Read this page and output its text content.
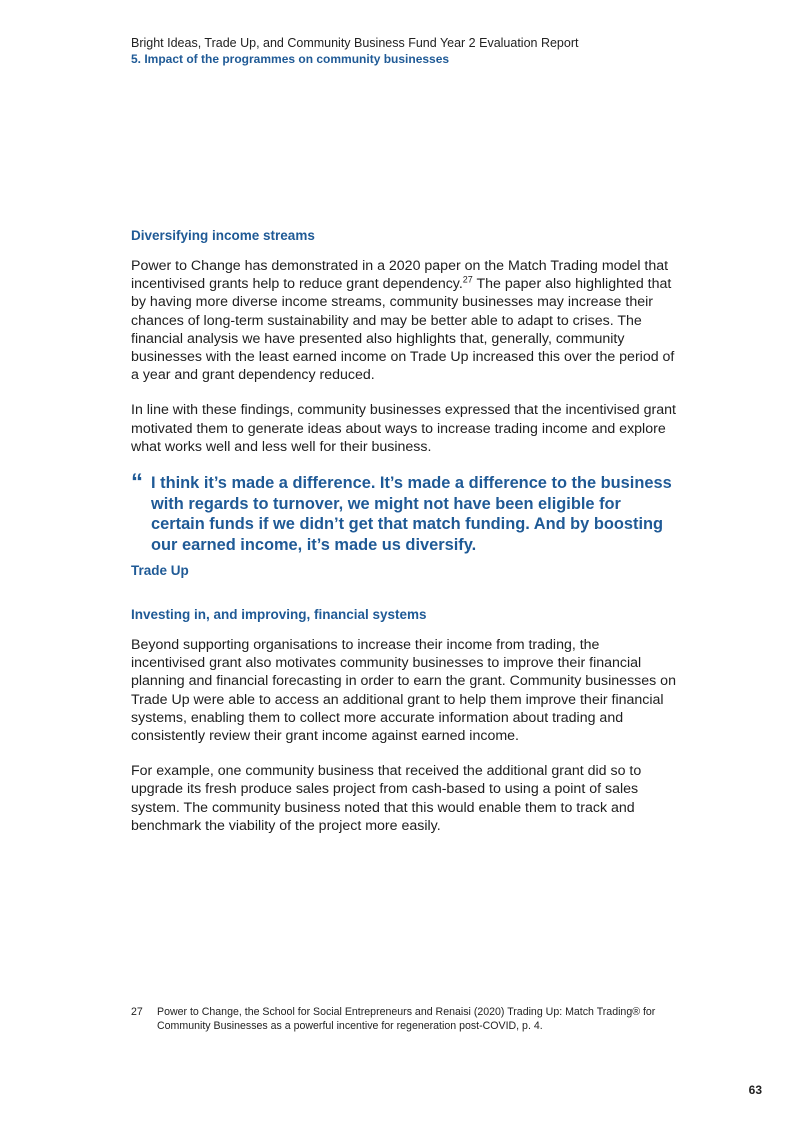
Bright Ideas, Trade Up, and Community Business Fund Year 2 Evaluation Report

5. Impact of the programmes on community businesses

Diversifying income streams

Power to Change has demonstrated in a 2020 paper on the Match Trading model that incentivised grants help to reduce grant dependency.$^{27}$ The paper also highlighted that by having more diverse income streams, community businesses may increase their chances of long-term sustainability and may be better able to adapt to crises. The financial analysis we have presented also highlights that, generally, community businesses with the least earned income on Trade Up increased this over the period of a year and grant dependency reduced.

In line with these findings, community businesses expressed that the incentivised grant motivated them to generate ideas about ways to increase trading income and explore what works well and less well for their business.

“ I think it’s made a difference. It’s made a difference to the business with regards to turnover, we might not have been eligible for certain funds if we didn’t get that match funding. And by boosting our earned income, it’s made us diversify.

Trade Up

Investing in, and improving, financial systems

Beyond supporting organisations to increase their income from trading, the incentivised grant also motivates community businesses to improve their financial planning and financial forecasting in order to earn the grant. Community businesses on Trade Up were able to access an additional grant to help them improve their financial systems, enabling them to collect more accurate information about trading and consistently review their grant income against earned income.

For example, one community business that received the additional grant did so to upgrade its fresh produce sales project from cash-based to using a point of sales system. The community business noted that this would enable them to track and benchmark the viability of the project more easily.

27 Power to Change, the School for Social Entrepreneurs and Renaisi (2020) Trading Up: Match Trading® for Community Businesses as a powerful incentive for regeneration post-COVID, p. 4.
63
